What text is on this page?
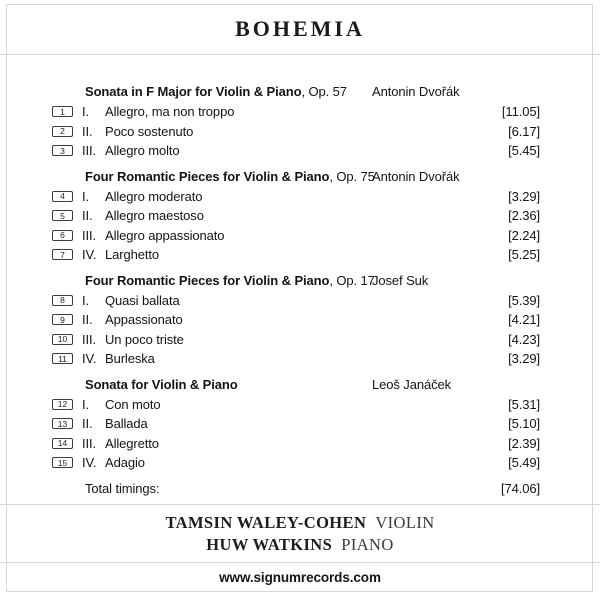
BOHEMIA
Sonata in F Major for Violin & Piano, Op. 57 Antonin Dvořák
1	I.	Allegro, ma non troppo	[11.05]
2	II. Poco sostenuto	[6.17]
3	III. Allegro molto	[5.45]
Four Romantic Pieces for Violin & Piano, Op. 75
Antonin Dvořák
4	I.	Allegro moderato	[3.29]
5	II. Allegro maestoso	[2.36]
6	III. Allegro appassionato	[2.24]
7	IV. Larghetto	[5.25]
Four Romantic Pieces for Violin & Piano, Op. 17
Josef Suk
8	I.	Quasi ballata	[5.39]
9	II. Appassionato	[4.21]
10	III. Un poco triste	[4.23]
11	IV. Burleska	[3.29]
Sonata for Violin & Piano	Leoš Janáček
12	I.	Con moto	[5.31]
13	II. Ballada	[5.10]
14	III. Allegretto	[2.39]
15	IV. Adagio	[5.49]
Total timings:	[74.06]
TAMSIN WALEY-COHEN VIOLIN
HUW WATKINS PIANO
www.signumrecords.com
